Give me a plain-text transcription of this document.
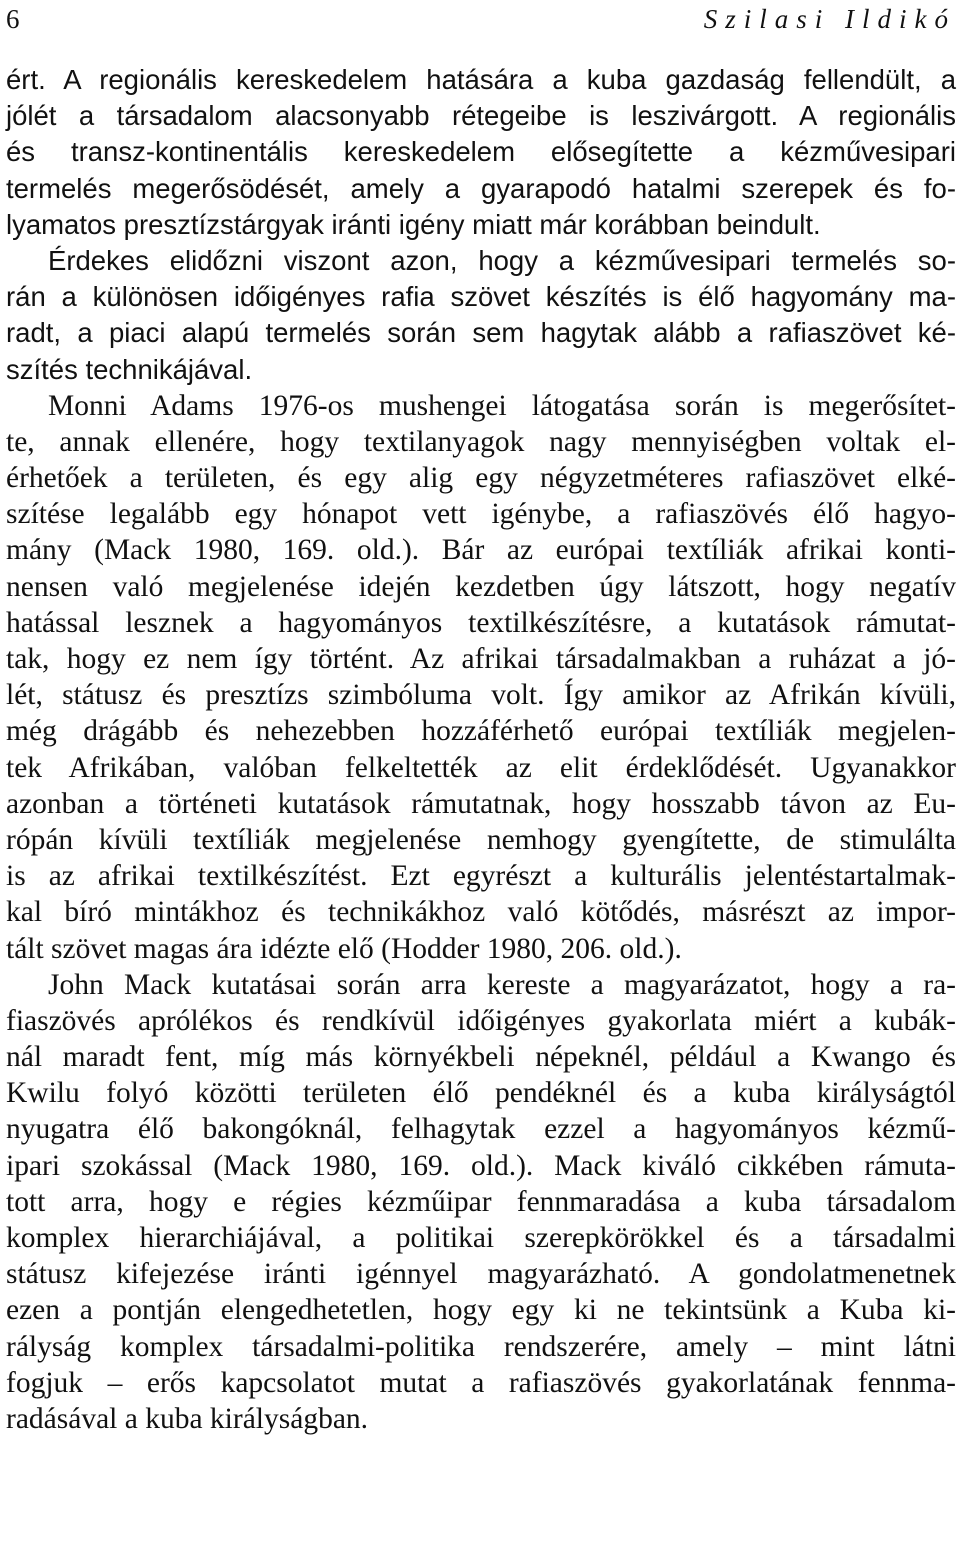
6	Szilasi Ildikó
ért. A regionális kereskedelem hatására a kuba gazdaság fellendült, a
jólét a társadalom alacsonyabb rétegeibe is leszivárgott. A regionális
és transz-kontinentális kereskedelem elősegítette a kézművesipari
termelés megerősödését, amely a gyarapodó hatalmi szerepek és fo-
lyamatos presztízstárgyak iránti igény miatt már korábban beindult.
Érdekes elidőzni viszont azon, hogy a kézművesipari termelés so-
rán a különösen időigényes rafia szövet készítés is élő hagyomány ma-
radt, a piaci alapú termelés során sem hagytak alább a rafiaszövet ké-
szítés technikájával.
Monni Adams 1976-os mushengei látogatása során is megerősítet-
te, annak ellenére, hogy textilanyagok nagy mennyiségben voltak el-
érhetőek a területen, és egy alig egy négyzetméteres rafiaszövet elké-
szítése legalább egy hónapot vett igénybe, a rafiaszövés élő hagyo-
mány (Mack 1980, 169. old.). Bár az európai textíliák afrikai konti-
nensen való megjelenése idején kezdetben úgy látszott, hogy negatív
hatással lesznek a hagyományos textilkészítésre, a kutatások rámutat-
tak, hogy ez nem így történt. Az afrikai társadalmakban a ruházat a jó-
lét, státusz és presztízs szimbóluma volt. Így amikor az Afrikán kívüli,
még drágább és nehezebben hozzáférhető európai textíliák megjelen-
tek Afrikában, valóban felkeltették az elit érdeklődését. Ugyanakkor
azonban a történeti kutatások rámutatnak, hogy hosszabb távon az Eu-
rópán kívüli textíliák megjelenése nemhogy gyengítette, de stimulálta
is az afrikai textilkészítést. Ezt egyrészt a kulturális jelentéstartalmak-
kal bíró mintákhoz és technikákhoz való kötődés, másrészt az impor-
tált szövet magas ára idézte elő (Hodder 1980, 206. old.).
John Mack kutatásai során arra kereste a magyarázatot, hogy a ra-
fiaszövés aprólékos és rendkívül időigényes gyakorlata miért a kubák-
nál maradt fent, míg más környékbeli népeknél, például a Kwango és
Kwilu folyó közötti területen élő pendéknél és a kuba királyságtól
nyugatra élő bakongóknál, felhagytak ezzel a hagyományos kézmű-
ipari szokással (Mack 1980, 169. old.). Mack kiváló cikkében rámuta-
tott arra, hogy e régies kézműipar fennmaradása a kuba társadalom
komplex hierarchiájával, a politikai szerepkörökkel és a társadalmi
státusz kifejezése iránti igénnyel magyarázható. A gondolatmenetnek
ezen a pontján elengedhetetlen, hogy egy ki ne tekintsünk a Kuba ki-
rályság komplex társadalmi-politika rendszerére, amely – mint látni
fogjuk – erős kapcsolatot mutat a rafiaszövés gyakorlatának fennma-
radásával a kuba királyságban.
